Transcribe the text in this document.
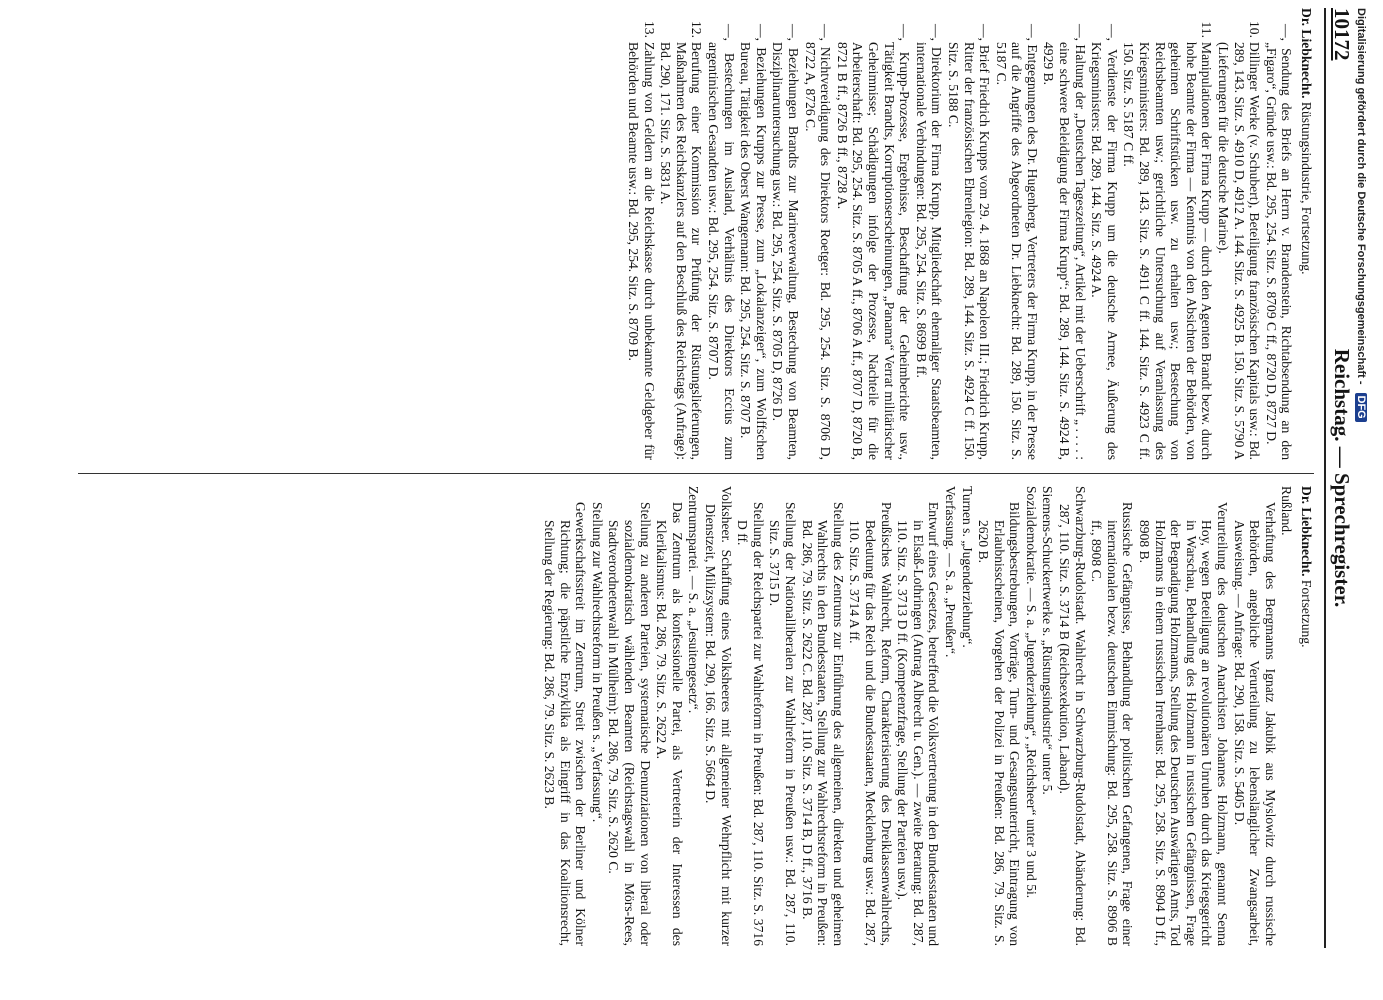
10172
Reichstag. — Sprechregister.
Dr. Liebknecht. Rüstungsindustrie, Fortsetzung.
—, Sendung des Briefs an Herrn v. Brandenstein, Richtabsendung an den „Figaro“, Gründe usw.: Bd. 295, 254. Sitz. S. 8709 C ff., 8720 D, 8727 D.
10.Dillinger Werke (v. Schubert), Beteiligung französischen Kapitals usw.: Bd. 289, 143. Sitz. S. 4910 D, 4912 A. 144. Sitz. S. 4925 B. 150. Sitz. S. 5790 A (Lieferungen für die deutsche Marine).
11.Manipulationen der Firma Krupp — durch den Agenten Brandt bezw. durch hohe Beamte der Firma — Kenntnis von den Absichten der Behörden, von geheimen Schriftstücken usw. zu erhalten usw.; Bestechung von Reichsbeamten usw.; gerichtliche Untersuchung auf Veranlassung des Kriegsministers: Bd. 289, 143. Sitz. S. 4911 C ff. 144. Sitz. S. 4923 C ff. 150. Sitz. S. 5187 C ff.
—, Verdienste der Firma Krupp um die deutsche Armee, Äußerung des Kriegsministers: Bd. 289, 144. Sitz. S. 4924 A.
—, Haltung der „Deutschen Tageszeitung“, Artikel mit der Ueberschrift „ . . . . : eine schwere Beleidigung der Firma Krupp“: Bd. 289, 144. Sitz. S. 4924 B, 4929 B.
—, Entgegnungen des Dr. Hugenberg, Vertreters der Firma Krupp, in der Presse auf die Angriffe des Abgeordneten Dr. Liebknecht: Bd. 289, 150. Sitz. S. 5187 C.
—, Brief Friedrich Krupps vom 29. 4. 1868 an Napoleon III.; Friedrich Krupp, Ritter der französischen Ehrenlegion: Bd. 289, 144. Sitz. S. 4924 C ff. 150. Sitz. S. 5188 C.
—, Direktorium der Firma Krupp, Mitgliedschaft ehemaliger Staatsbeamten, internationale Verbindungen: Bd. 295, 254. Sitz. S. 8699 B ff.
—, Krupp-Prozesse, Ergebnisse, Beschaffung der Geheimberichte usw., Tätigkeit Brandts, Korruptionserscheinungen, „Panama“ Verrat militärischer Geheimnisse; Schädigungen infolge der Prozesse, Nachteile für die Arbeiterschaft: Bd. 295, 254. Sitz. S. 8705 A ff., 8706 A ff., 8707 D, 8720 B, 8721 B ff., 8726 B ff., 8728 A.
—, Nichtvereidigung des Direktors Roetger: Bd. 295, 254. Sitz. S. 8706 D, 8722 A, 8726 C.
—, Beziehungen Brandts zur Marineverwaltung, Bestechung von Beamten, Disziplinaruntersuchung usw.: Bd. 295, 254. Sitz. S. 8705 D, 8726 D.
—, Beziehungen Krupps zur Presse, zum „Lokalanzeiger“, zum Wolffschen Bureau, Tätigkeit des Oberst Wangemann: Bd. 295, 254. Sitz. S. 8707 B.
—, Bestechungen im Ausland, Verhältnis des Direktors Eccius zum argentinischen Gesandten usw.: Bd. 295, 254. Sitz. S. 8707 D.
12.Berufung einer Kommission zur Prüfung der Rüstungslieferungen, Maßnahmen des Reichskanzlers auf den Beschluß des Reichstags (Anfrage): Bd. 290, 171. Sitz. S. 5831 A.
13.Zahlung von Geldern an die Reichskasse durch unbekannte Geldgeber für Behörden und Beamte usw.: Bd. 295, 254. Sitz. S. 8709 B.
Dr. Liebknecht. Fortsetzung.
Rußland.
Verhaftung des Bergmanns Ignatz Jakubik aus Myslowitz durch russische Behörden, angebliche Verurteilung zu lebenslänglicher Zwangsarbeit, Ausweisung. — Anfrage: Bd. 290, 158. Sitz. S. 5405 D.
Verurteilung des deutschen Anarchisten Johannes Holzmann, genannt Senna Hoy, wegen Beteiligung an revolutionären Unruhen durch das Kriegsgericht in Warschau, Behandlung des Holzmann in russischen Gefängnissen, Frage der Begnadigung Holzmanns, Stellung des Deutschen Auswärtigen Amts, Tod Holzmanns in einem russischen Irrenhaus: Bd. 295, 258. Sitz. S. 8904 D ff., 8908 B.
Russische Gefängnisse, Behandlung der politischen Gefangenen, Frage einer internationalen bezw. deutschen Einmischung: Bd. 295, 258. Sitz. S. 8906 B ff., 8908 C.
Schwarzburg-Rudolstadt. Wahlrecht in Schwarzburg-Rudolstadt, Abänderung: Bd. 287, 110. Sitz. S. 3714 B (Reichsexekution, Laband).
Siemens-Schuckertwerke s. „Rüstungsindustrie“ unter 5.
Sozialdemokratie. — S. a. „Jugenderziehung“, „Reichsheer“ unter 3 und 5i.
Bildungsbestrebungen, Vorträge, Turn- und Gesangsunterricht, Eintragung von Erlaubnisscheinen, Vorgehen der Polizei in Preußen: Bd. 286, 79. Sitz. S. 2620 B.
Turnen s. „Jugenderziehung“.
Verfassung. — S. a. „Preußen“.
Entwurf eines Gesetzes, betreffend die Volksvertretung in den Bundesstaaten und in Elsaß-Lothringen (Antrag Albrecht u. Gen.). — zweite Beratung: Bd. 287, 110. Sitz. S. 3713 D ff. (Kompetenzfrage, Stellung der Parteien usw.).
Preußisches Wahlrecht, Reform, Charakterisierung des Dreiklassenwahlrechts, Bedeutung für das Reich und die Bundesstaaten, Mecklenburg usw.: Bd. 287, 110. Sitz. S. 3714 A ff.
Stellung des Zentrums zur Einführung des allgemeinen, direkten und geheimen Wahlrechts in den Bundesstaaten, Stellung zur Wahlrechtsreform in Preußen: Bd. 286, 79. Sitz. S. 2622 C. Bd. 287, 110. Sitz. S. 3714 B, D ff., 3716 B.
Stellung der Nationalliberalen zur Wahlreform in Preußen usw.: Bd. 287, 110. Sitz. S. 3715 D.
Stellung der Reichspartei zur Wahlreform in Preußen: Bd. 287, 110. Sitz. S. 3716 D ff.
Volksheer. Schaffung eines Volksheeres mit allgemeiner Wehrpflicht mit kurzer Dienstzeit, Milizsystem: Bd. 290, 166. Sitz. S. 5664 D.
Zentrumspartei. — S. a. „Jesuitengesetz“.
Das Zentrum als konfessionelle Partei, als Vertreterin der Interessen des Klerikalismus: Bd. 286, 79. Sitz. S. 2622 A.
Stellung zu anderen Parteien, systematische Denunziationen von liberal oder sozialdemokratisch wählenden Beamten (Reichstagswahl in Mörs-Rees, Stadtverordnetenwahl in Mülheim): Bd. 286, 79. Sitz. S. 2620 C.
Stellung zur Wahlrechtsreform in Preußen s. „Verfassung“.
Gewerkschaftsstreit im Zentrum, Streit zwischen der Berliner und Kölner Richtung; die päpstliche Enzyklika als Eingriff in das Koalitionsrecht, Stellung der Regierung: Bd. 286, 79. Sitz. S. 2623 B.
Digitalisierung gefördert durch die Deutsche Forschungsgemeinschaft -DFG
